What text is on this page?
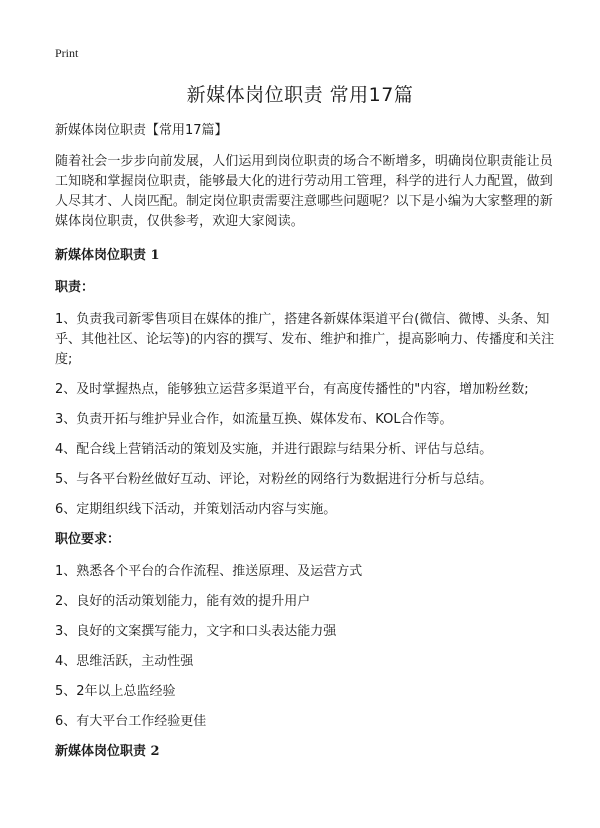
Print
新媒体岗位职责 常用17篇

新媒体岗位职责【常用17篇】

随着社会一步步向前发展，人们运用到岗位职责的场合不断增多，明确岗位职责能让员工知晓和掌握岗位职责，能够最大化的进行劳动用工管理，科学的进行人力配置，做到人尽其才、人岗匹配。制定岗位职责需要注意哪些问题呢？以下是小编为大家整理的新媒体岗位职责，仅供参考，欢迎大家阅读。

新媒体岗位职责 1

职责：

1、负责我司新零售项目在媒体的推广，搭建各新媒体渠道平台(微信、微博、头条、知乎、其他社区、论坛等)的内容的撰写、发布、维护和推广，提高影响力、传播度和关注度;

2、及时掌握热点，能够独立运营多渠道平台，有高度传播性的"内容，增加粉丝数;

3、负责开拓与维护异业合作，如流量互换、媒体发布、KOL合作等。

4、配合线上营销活动的策划及实施，并进行跟踪与结果分析、评估与总结。

5、与各平台粉丝做好互动、评论，对粉丝的网络行为数据进行分析与总结。

6、定期组织线下活动，并策划活动内容与实施。

职位要求：

1、熟悉各个平台的合作流程、推送原理、及运营方式

2、良好的活动策划能力，能有效的提升用户

3、良好的文案撰写能力，文字和口头表达能力强

4、思维活跃，主动性强

5、2年以上总监经验

6、有大平台工作经验更佳

新媒体岗位职责 2
